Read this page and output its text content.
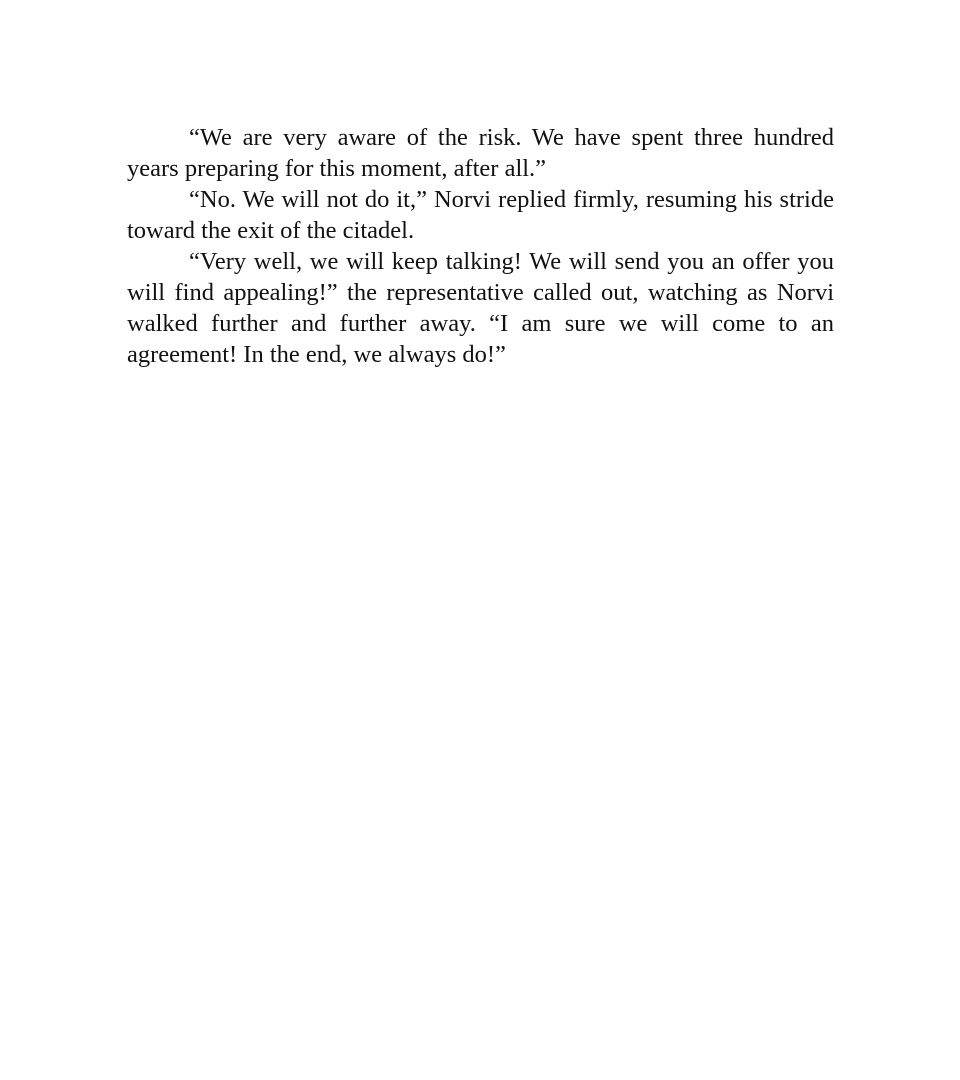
“We are very aware of the risk. We have spent three hundred years preparing for this moment, after all.”

“No. We will not do it,” Norvi replied firmly, resuming his stride toward the exit of the citadel.

“Very well, we will keep talking! We will send you an offer you will find appealing!” the representative called out, watching as Norvi walked further and further away. “I am sure we will come to an agreement! In the end, we always do!”
